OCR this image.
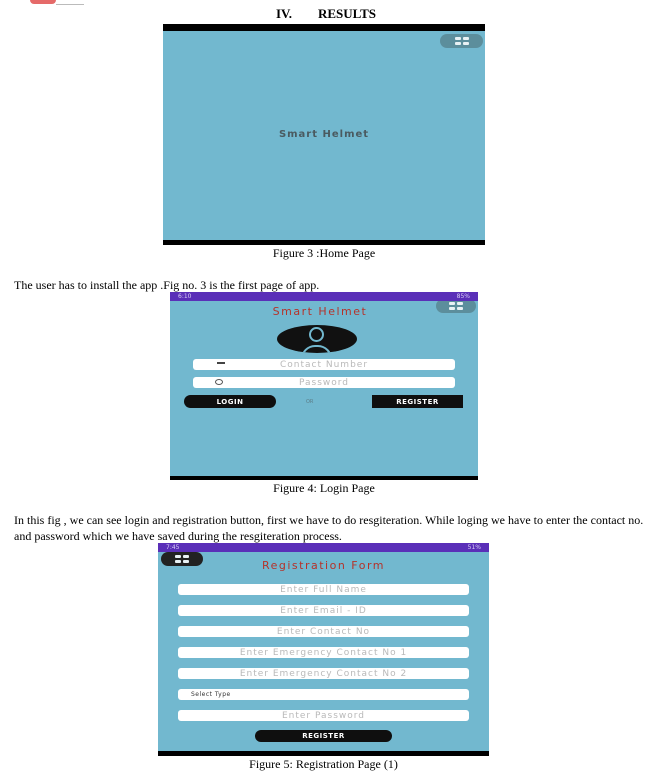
IV. RESULTS
Smart Helmet
Figure 3 :Home Page
The user has to install the app .Fig no. 3 is the first page of app.
6:10	85%
Smart Helmet
Contact Number
Password
LOGIN	OR	REGISTER
Figure 4: Login Page
In this fig , we can see login and registration button, first we have to do resgiteration. While loging we have to enter the contact no.
and password which we have saved during the resgiteration process.
7:45	51%
Registration Form
Enter Full Name
Enter Email - ID
Enter Contact No
Enter Emergency Contact No 1
Enter Emergency Contact No 2
Select Type
Enter Password
REGISTER
Figure 5: Registration Page (1)
